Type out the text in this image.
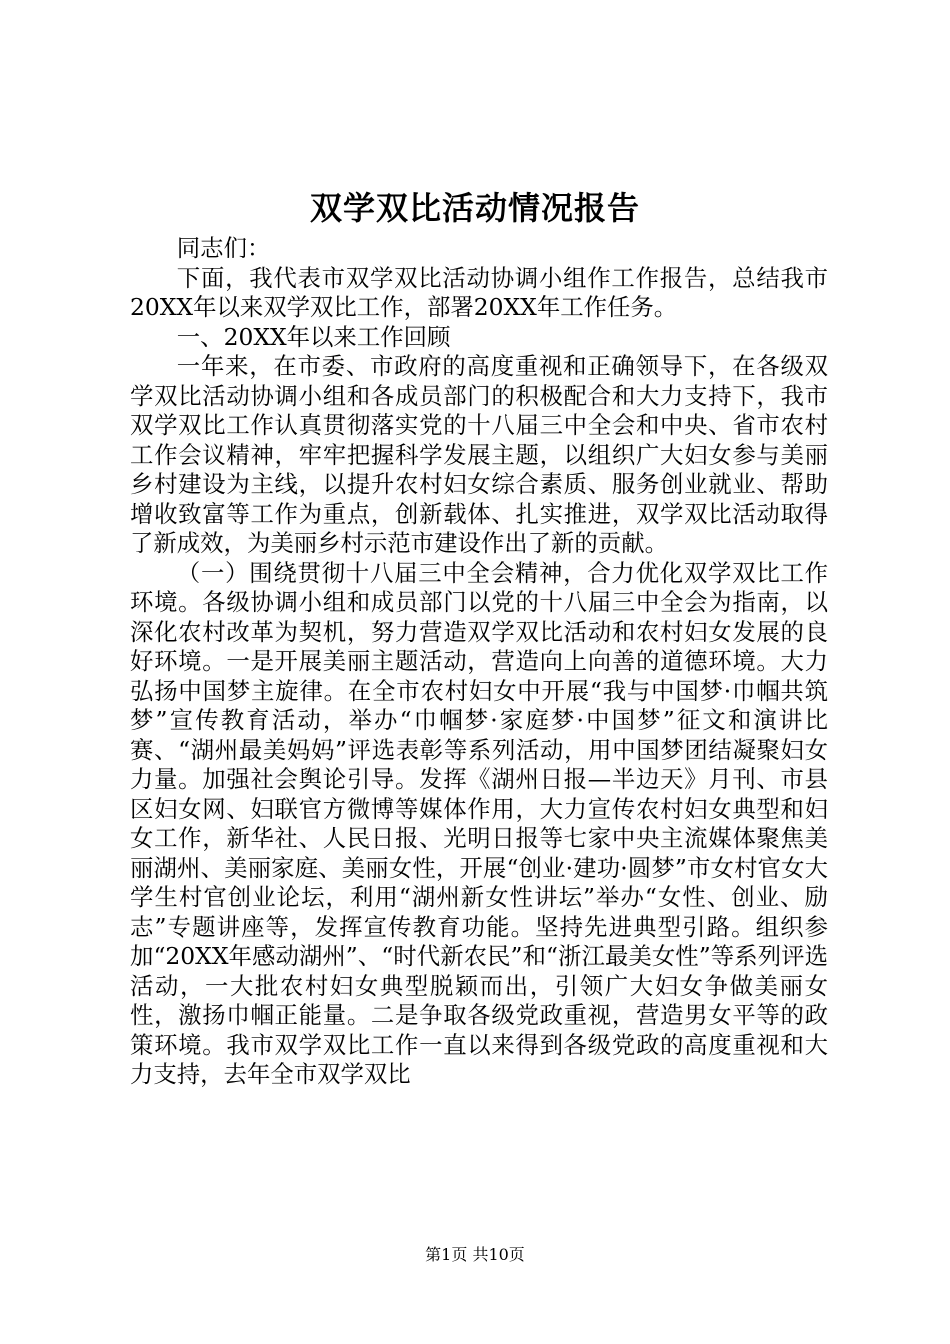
双学双比活动情况报告

同志们：

下面，我代表市双学双比活动协调小组作工作报告，总结我市20XX年以来双学双比工作，部署20XX年工作任务。

一、20XX年以来工作回顾

一年来，在市委、市政府的高度重视和正确领导下，在各级双学双比活动协调小组和各成员部门的积极配合和大力支持下，我市双学双比工作认真贯彻落实党的十八届三中全会和中央、省市农村工作会议精神，牢牢把握科学发展主题，以组织广大妇女参与美丽乡村建设为主线，以提升农村妇女综合素质、服务创业就业、帮助增收致富等工作为重点，创新载体、扎实推进，双学双比活动取得了新成效，为美丽乡村示范市建设作出了新的贡献。

（一）围绕贯彻十八届三中全会精神，合力优化双学双比工作环境。各级协调小组和成员部门以党的十八届三中全会为指南，以深化农村改革为契机，努力营造双学双比活动和农村妇女发展的良好环境。一是开展美丽主题活动，营造向上向善的道德环境。大力弘扬中国梦主旋律。在全市农村妇女中开展“我与中国梦·巾帼共筑梦”宣传教育活动，举办“巾帼梦·家庭梦·中国梦”征文和演讲比赛、“湖州最美妈妈”评选表彰等系列活动，用中国梦团结凝聚妇女力量。加强社会舆论引导。发挥《湖州日报—半边天》月刊、市县区妇女网、妇联官方微博等媒体作用，大力宣传农村妇女典型和妇女工作，新华社、人民日报、光明日报等七家中央主流媒体聚焦美丽湖州、美丽家庭、美丽女性，开展“创业·建功·圆梦”市女村官女大学生村官创业论坛，利用“湖州新女性讲坛”举办“女性、创业、励志”专题讲座等，发挥宣传教育功能。坚持先进典型引路。组织参加“20XX年感动湖州”、“时代新农民”和“浙江最美女性”等系列评选活动，一大批农村妇女典型脱颖而出，引领广大妇女争做美丽女性，激扬巾帼正能量。二是争取各级党政重视，营造男女平等的政策环境。我市双学双比工作一直以来得到各级党政的高度重视和大力支持，去年全市双学双比

第1页 共10页
